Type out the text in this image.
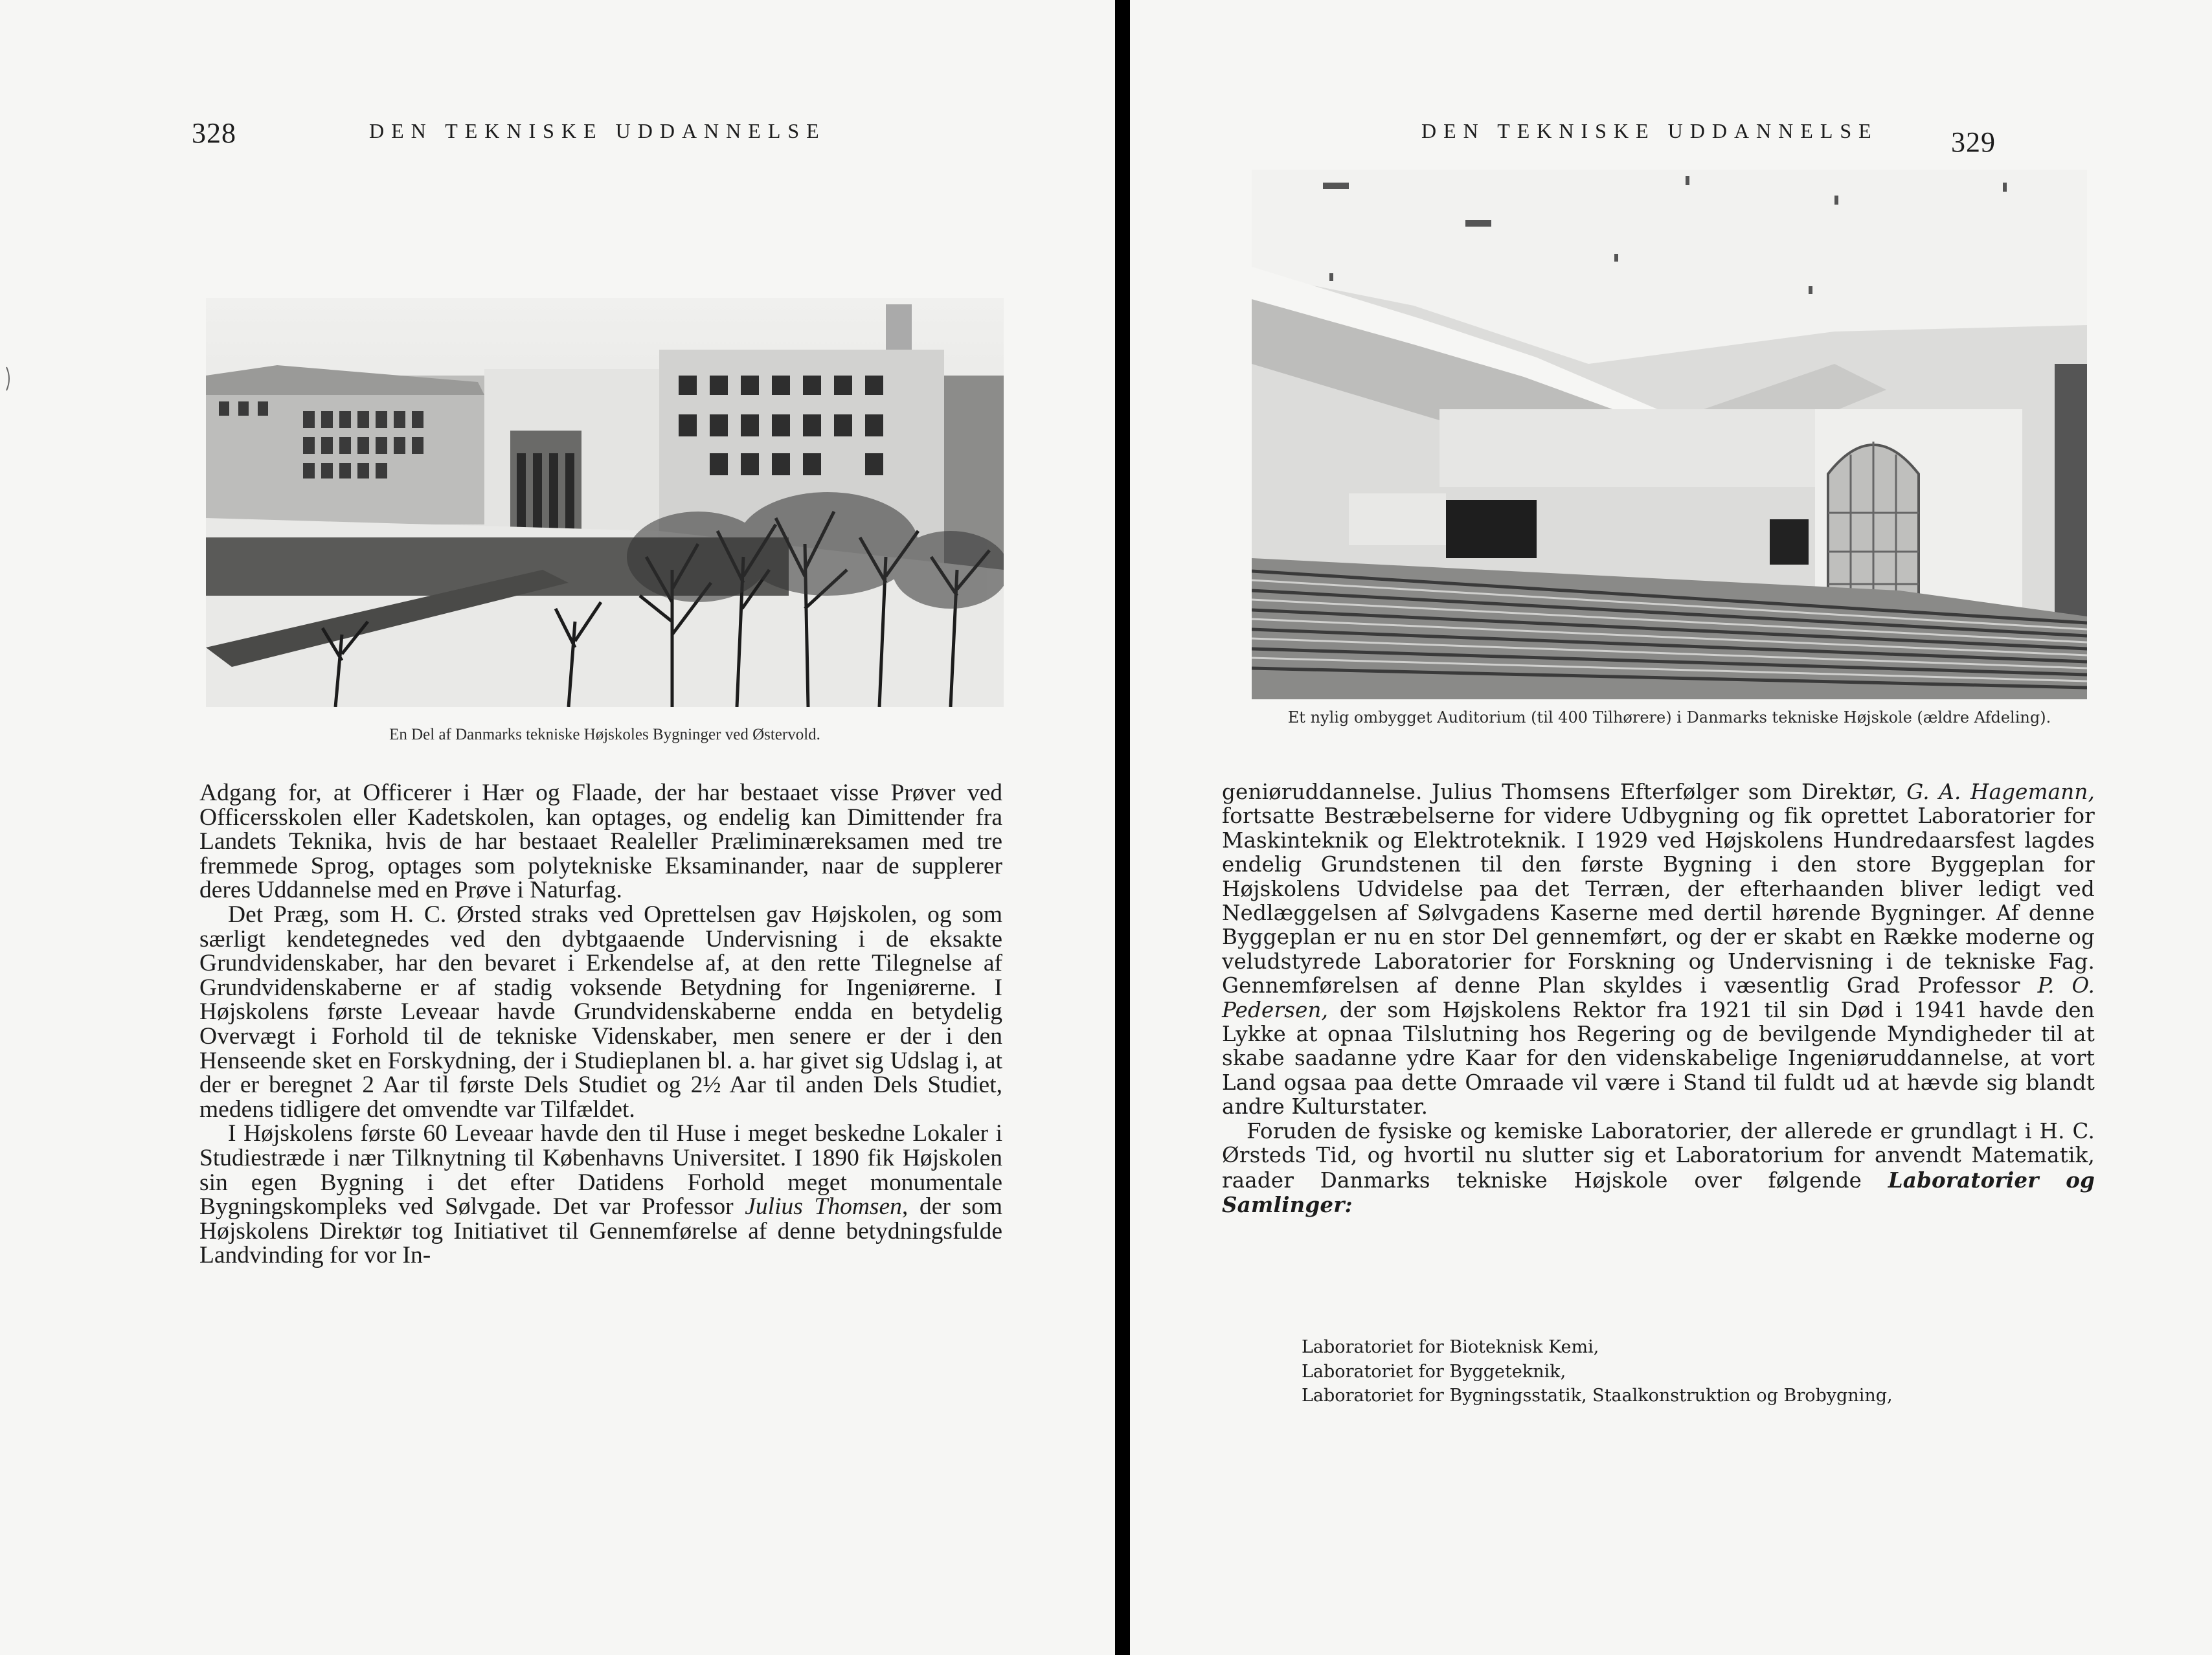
328	DEN TEKNISKE UDDANNELSE
En Del af Danmarks tekniske Højskoles Bygninger ved Østervold.

Adgang for, at Officerer i Hær og Flaade, der har bestaaet visse Prøver ved Officersskolen eller Kadetskolen, kan optages, og endelig kan Dimittender fra Landets Teknika, hvis de har bestaaet Realeller Præliminæreksamen med tre fremmede Sprog, optages som polytekniske Eksaminander, naar de supplerer deres Uddannelse med en Prøve i Naturfag.

Det Præg, som H. C. Ørsted straks ved Oprettelsen gav Højskolen, og som særligt kendetegnedes ved den dybtgaaende Undervisning i de eksakte Grundvidenskaber, har den bevaret i Erkendelse af, at den rette Tilegnelse af Grundvidenskaberne er af stadig voksende Betydning for Ingeniørerne. I Højskolens første Leveaar havde Grundvidenskaberne endda en betydelig Overvægt i Forhold til de tekniske Videnskaber, men senere er der i den Henseende sket en Forskydning, der i Studieplanen bl. a. har givet sig Udslag i, at der er beregnet 2 Aar til første Dels Studiet og 2½ Aar til anden Dels Studiet, medens tidligere det omvendte var Tilfældet.

I Højskolens første 60 Leveaar havde den til Huse i meget beskedne Lokaler i Studiestræde i nær Tilknytning til Københavns Universitet. I 1890 fik Højskolen sin egen Bygning i det efter Datidens Forhold meget monumentale Bygningskompleks ved Sølvgade. Det var Professor Julius Thomsen, der som Højskolens Direktør tog Initiativet til Gennemførelse af denne betydningsfulde Landvinding for vor In-

DEN TEKNISKE UDDANNELSE	329
Et nylig ombygget Auditorium (til 400 Tilhørere) i Danmarks tekniske Højskole (ældre Afdeling).

geniøruddannelse. Julius Thomsens Efterfølger som Direktør, G. A. Hagemann, fortsatte Bestræbelserne for videre Udbygning og fik oprettet Laboratorier for Maskinteknik og Elektroteknik. I 1929 ved Højskolens Hundredaarsfest lagdes endelig Grundstenen til den første Bygning i den store Byggeplan for Højskolens Udvidelse paa det Terræn, der efterhaanden bliver ledigt ved Nedlæggelsen af Sølvgadens Kaserne med dertil hørende Bygninger. Af denne Byggeplan er nu en stor Del gennemført, og der er skabt en Række moderne og veludstyrede Laboratorier for Forskning og Undervisning i de tekniske Fag. Gennemførelsen af denne Plan skyldes i væsentlig Grad Professor P. O. Pedersen, der som Højskolens Rektor fra 1921 til sin Død i 1941 havde den Lykke at opnaa Tilslutning hos Regering og de bevilgende Myndigheder til at skabe saadanne ydre Kaar for den videnskabelige Ingeniøruddannelse, at vort Land ogsaa paa dette Omraade vil være i Stand til fuldt ud at hævde sig blandt andre Kulturstater.

Foruden de fysiske og kemiske Laboratorier, der allerede er grundlagt i H. C. Ørsteds Tid, og hvortil nu slutter sig et Laboratorium for anvendt Matematik, raader Danmarks tekniske Højskole over følgende Laboratorier og Samlinger:

Laboratoriet for Bioteknisk Kemi,
Laboratoriet for Byggeteknik,
Laboratoriet for Bygningsstatik, Staalkonstruktion og Brobygning,
